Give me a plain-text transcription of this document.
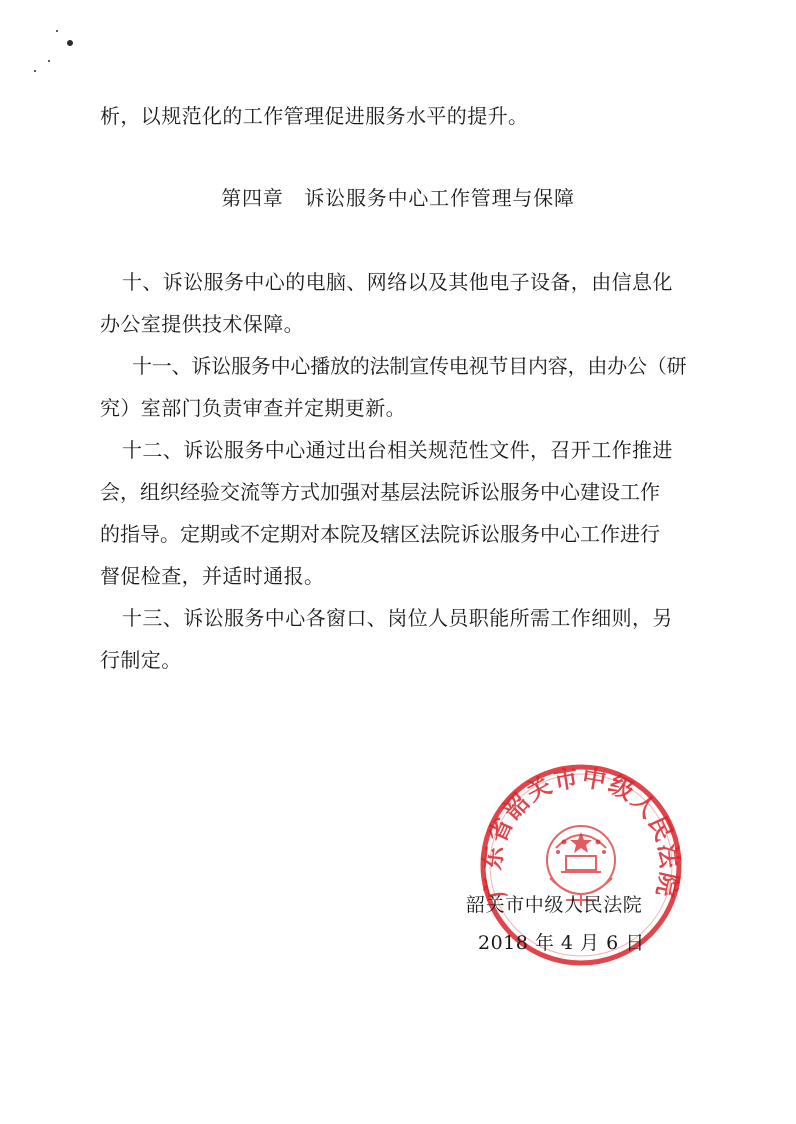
析，以规范化的工作管理促进服务水平的提升。
第四章　诉讼服务中心工作管理与保障
十、诉讼服务中心的电脑、网络以及其他电子设备，由信息化
办公室提供技术保障。
十一、诉讼服务中心播放的法制宣传电视节目内容，由办公（研
究）室部门负责审查并定期更新。
十二、诉讼服务中心通过出台相关规范性文件，召开工作推进
会，组织经验交流等方式加强对基层法院诉讼服务中心建设工作
的指导。定期或不定期对本院及辖区法院诉讼服务中心工作进行
督促检查，并适时通报。
十三、诉讼服务中心各窗口、岗位人员职能所需工作细则，另
行制定。
广东省韶关市中级人民法院
韶关市中级人民法院
2018 年 4 月 6 日
